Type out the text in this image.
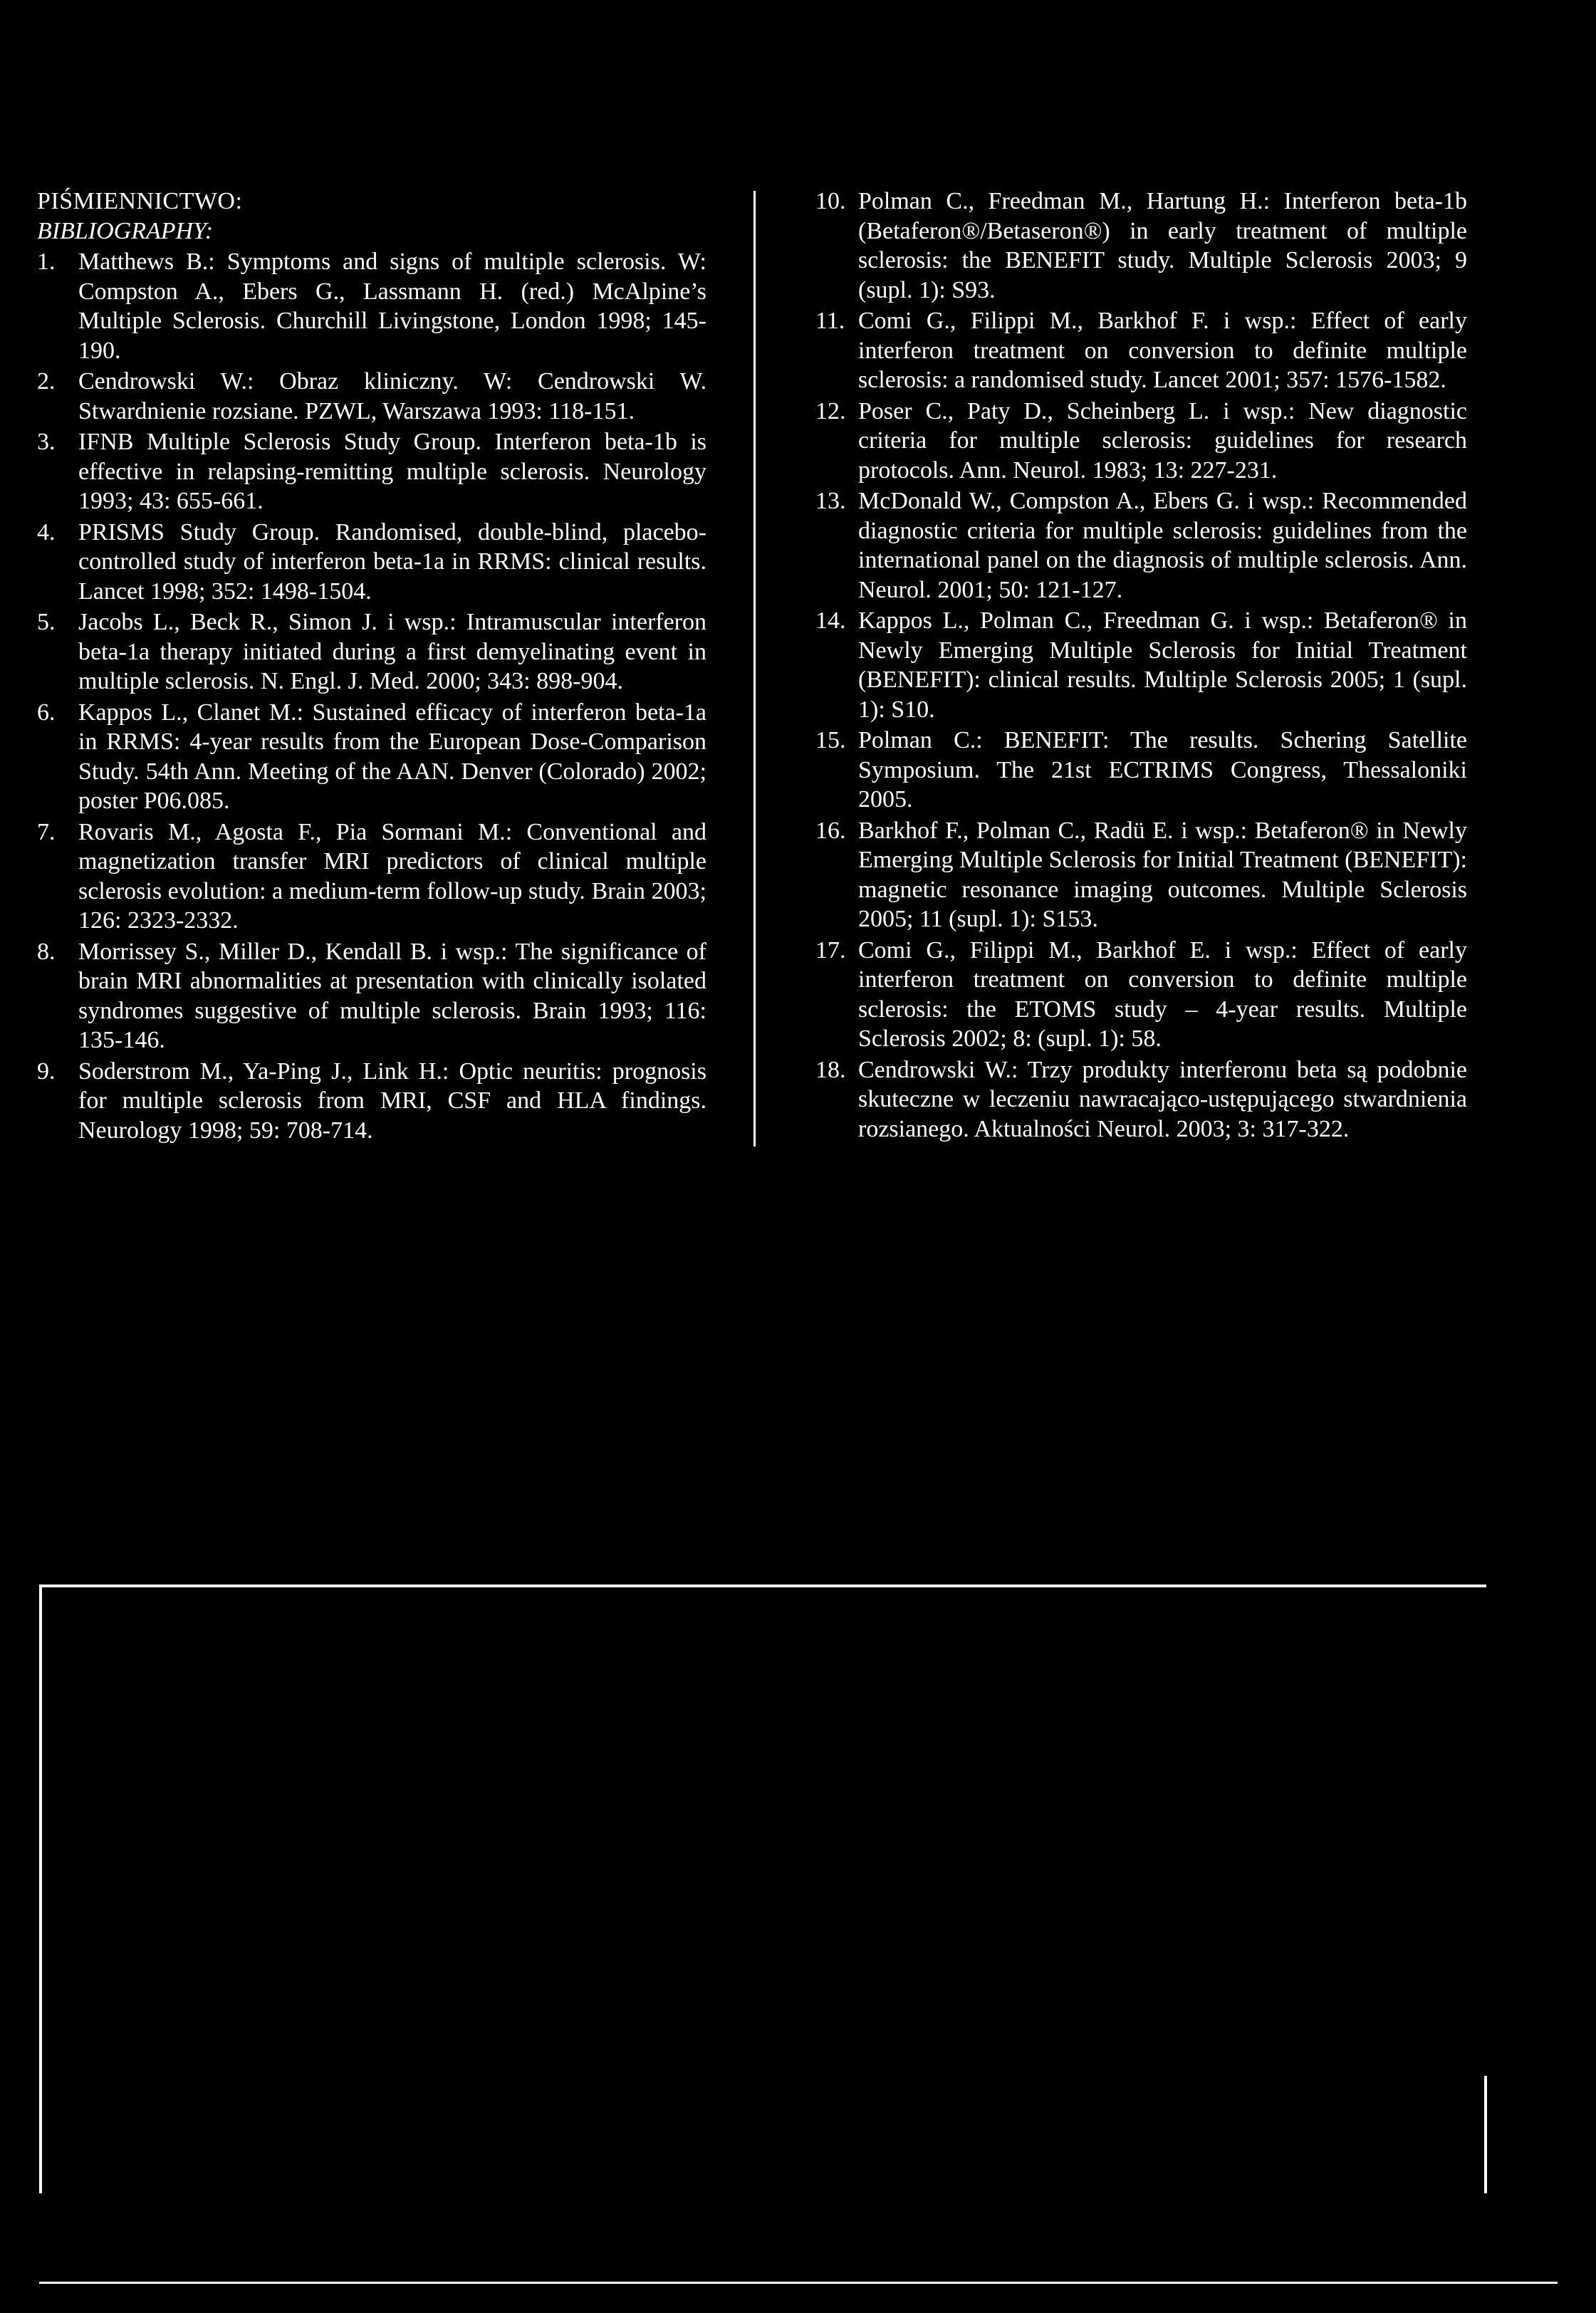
PIŚMIENNICTWO:
BIBLIOGRAPHY:
1. Matthews B.: Symptoms and signs of multiple sclerosis. W: Compston A., Ebers G., Lassmann H. (red.) McAlpine’s Multiple Sclerosis. Churchill Livingstone, London 1998; 145-190.
2. Cendrowski W.: Obraz kliniczny. W: Cendrowski W. Stwardnienie rozsiane. PZWL, Warszawa 1993: 118-151.
3. IFNB Multiple Sclerosis Study Group. Interferon beta-1b is effective in relapsing-remitting multiple sclerosis. Neurology 1993; 43: 655-661.
4. PRISMS Study Group. Randomised, double-blind, placebo-controlled study of interferon beta-1a in RRMS: clinical results. Lancet 1998; 352: 1498-1504.
5. Jacobs L., Beck R., Simon J. i wsp.: Intramuscular interferon beta-1a therapy initiated during a first demyelinating event in multiple sclerosis. N. Engl. J. Med. 2000; 343: 898-904.
6. Kappos L., Clanet M.: Sustained efficacy of interferon beta-1a in RRMS: 4-year results from the European Dose-Comparison Study. 54th Ann. Meeting of the AAN. Denver (Colorado) 2002; poster P06.085.
7. Rovaris M., Agosta F., Pia Sormani M.: Conventional and magnetization transfer MRI predictors of clinical multiple sclerosis evolution: a medium-term follow-up study. Brain 2003; 126: 2323-2332.
8. Morrissey S., Miller D., Kendall B. i wsp.: The significance of brain MRI abnormalities at presentation with clinically isolated syndromes suggestive of multiple sclerosis. Brain 1993; 116: 135-146.
9. Soderstrom M., Ya-Ping J., Link H.: Optic neuritis: prognosis for multiple sclerosis from MRI, CSF and HLA findings. Neurology 1998; 59: 708-714.
10. Polman C., Freedman M., Hartung H.: Interferon beta-1b (Betaferon®/Betaseron®) in early treatment of multiple sclerosis: the BENEFIT study. Multiple Sclerosis 2003; 9 (supl. 1): S93.
11. Comi G., Filippi M., Barkhof F. i wsp.: Effect of early interferon treatment on conversion to definite multiple sclerosis: a randomised study. Lancet 2001; 357: 1576-1582.
12. Poser C., Paty D., Scheinberg L. i wsp.: New diagnostic criteria for multiple sclerosis: guidelines for research protocols. Ann. Neurol. 1983; 13: 227-231.
13. McDonald W., Compston A., Ebers G. i wsp.: Recommended diagnostic criteria for multiple sclerosis: guidelines from the international panel on the diagnosis of multiple sclerosis. Ann. Neurol. 2001; 50: 121-127.
14. Kappos L., Polman C., Freedman G. i wsp.: Betaferon® in Newly Emerging Multiple Sclerosis for Initial Treatment (BENEFIT): clinical results. Multiple Sclerosis 2005; 1 (supl. 1): S10.
15. Polman C.: BENEFIT: The results. Schering Satellite Symposium. The 21st ECTRIMS Congress, Thessaloniki 2005.
16. Barkhof F., Polman C., Radü E. i wsp.: Betaferon® in Newly Emerging Multiple Sclerosis for Initial Treatment (BENEFIT): magnetic resonance imaging outcomes. Multiple Sclerosis 2005; 11 (supl. 1): S153.
17. Comi G., Filippi M., Barkhof E. i wsp.: Effect of early interferon treatment on conversion to definite multiple sclerosis: the ETOMS study – 4-year results. Multiple Sclerosis 2002; 8: (supl. 1): 58.
18. Cendrowski W.: Trzy produkty interferonu beta są podobnie skuteczne w leczeniu nawracająco-ustępującego stwardnienia rozsianego. Aktualności Neurol. 2003; 3: 317-322.
